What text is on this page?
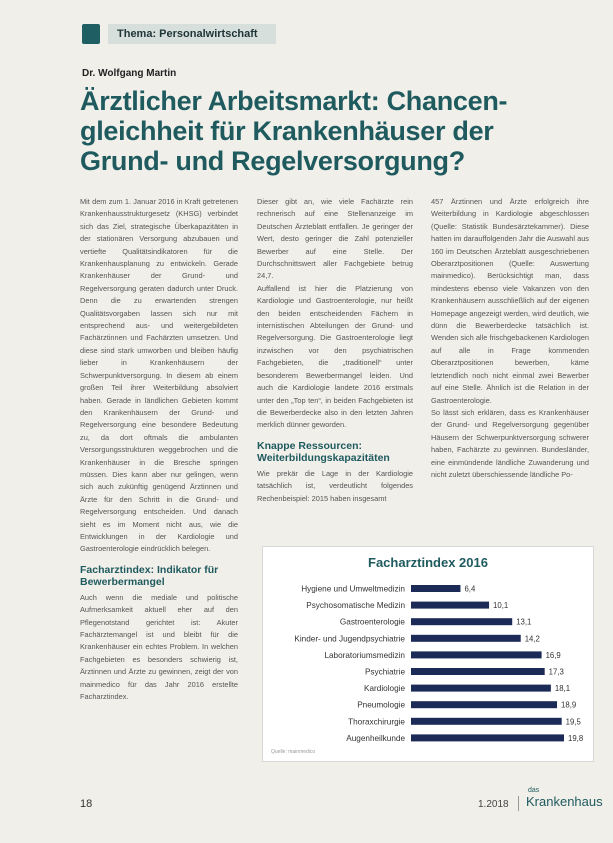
Thema: Personalwirtschaft
Dr. Wolfgang Martin
Ärztlicher Arbeitsmarkt: Chancen-
gleichheit für Krankenhäuser der
Grund- und Regelversorgung?

Mit dem zum 1. Januar 2016 in Kraft getretenen Krankenhausstrukturgesetz (KHSG) verbindet sich das Ziel, strategische Überkapazitäten in der stationären Versorgung abzubauen und vertiefte Qualitätsindikatoren für die Krankenhausplanung zu entwickeln. Gerade Krankenhäuser der Grund- und Regelversorgung geraten dadurch unter Druck. Denn die zu erwartenden strengen Qualitätsvorgaben lassen sich nur mit entsprechend aus- und weitergebildeten Fachärztinnen und Fachärzten umsetzen. Und diese sind stark umworben und bleiben häufig lieber in Krankenhäusern der Schwerpunktversorgung. In diesem ab einem großen Teil ihrer Weiterbildung absolviert haben. Gerade in ländlichen Gebieten kommt den Krankenhäusern der Grund- und Regelversorgung eine besondere Bedeutung zu, da dort oftmals die ambulanten Versorgungsstrukturen weggebrochen und die Krankenhäuser in die Bresche springen müssen. Dies kann aber nur gelingen, wenn sich auch zukünftig genügend Ärztinnen und Ärzte für den Schritt in die Grund- und Regelversorgung entscheiden. Und danach sieht es im Moment nicht aus, wie die Entwicklungen in der Kardiologie und Gastroenterologie eindrücklich belegen.

Facharztindex: Indikator für Bewerbermangel

Auch wenn die mediale und politische Aufmerksamkeit aktuell eher auf den Pflegenotstand gerichtet ist: Akuter Fachärztemangel ist und bleibt für die Krankenhäuser ein echtes Problem. In welchen Fachgebieten es besonders schwierig ist, Ärztinnen und Ärzte zu gewinnen, zeigt der von mainmedico für das Jahr 2016 erstellte Facharztindex.

Dieser gibt an, wie viele Fachärzte rein rechnerisch auf eine Stellenanzeige im Deutschen Ärzteblatt entfallen. Je geringer der Wert, desto geringer die Zahl potenzieller Bewerber auf eine Stelle. Der Durchschnittswert aller Fachgebiete betrug 24,7.

Auffallend ist hier die Platzierung von Kardiologie und Gastroenterologie, nur heißt den beiden entscheidenden Fächern in internistischen Abteilungen der Grund- und Regelversorgung. Die Gastroenterologie liegt inzwischen vor den psychiatrischen Fachgebieten, die „traditionell“ unter besonderem Bewerbermangel leiden. Und auch die Kardiologie landete 2016 erstmals unter den „Top ten“, in beiden Fachgebieten ist die Bewerberdecke also in den letzten Jahren merklich dünner geworden.

Knappe Ressourcen: Weiterbildungskapazitäten

Wie prekär die Lage in der Kardiologie tatsächlich ist, verdeutlicht folgendes Rechenbeispiel: 2015 haben insgesamt

457 Ärztinnen und Ärzte erfolgreich ihre Weiterbildung in Kardiologie abgeschlossen (Quelle: Statistik Bundesärztekammer). Diese hatten im darauffolgenden Jahr die Auswahl aus 160 im Deutschen Ärzteblatt ausgeschriebenen Oberarztpositionen (Quelle: Auswertung mainmedico). Berücksichtigt man, dass mindestens ebenso viele Vakanzen von den Krankenhäusern ausschließlich auf der eigenen Homepage angezeigt werden, wird deutlich, wie dünn die Bewerberdecke tatsächlich ist. Wenden sich alle frischgebackenen Kardiologen auf alle in Frage kommenden Oberarztpositionen bewerben, käme letztendlich noch nicht einmal zwei Bewerber auf eine Stelle. Ähnlich ist die Relation in der Gastroenterologie.

So lässt sich erklären, dass es Krankenhäuser der Grund- und Regelversorgung gegenüber Häusern der Schwerpunktversorgung schwerer haben, Fachärzte zu gewinnen. Bundesländer, eine einmündende ländliche Zuwanderung und nicht zuletzt überschiessende ländliche Po-

Facharztindex 2016
Hygiene und Umweltmedizin	6,4
Psychosomatische Medizin	10,1
Gastroenterologie	13,1
Kinder- und Jugendpsychiatrie	14,2
Laboratoriumsmedizin	16,9
Psychiatrie	17,3
Kardiologie	18,1
Pneumologie	18,9
Thoraxchirurgie	19,5
Augenheilkunde	19,8
Quelle: mainmedico
18	1.2018
das
Krankenhaus
